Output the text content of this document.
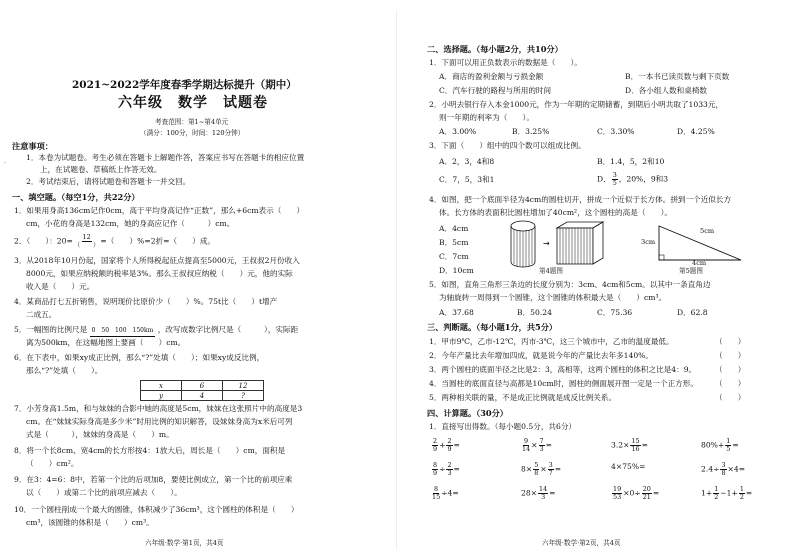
·
2021~2022学年度春季学期达标提升（期中）
六年级　数学　试题卷
考查范围：第1~第4单元
（满分：100分，时间：120分钟）
注意事项：
1．本卷为试题卷。考生必须在答题卡上解题作答，答案应书写在答题卡的相应位置
上，在试题卷、草稿纸上作答无效。
2．考试结束后，请将试题卷和答题卡一并交回。
一、填空题。（每空1分，共22分）
1．如果用身高136cm记作0cm，高于平均身高记作“正数”，那么+6cm表示（　　）
cm，小花的身高是132cm，她的身高应记作（　　　）cm。
2．（　　）：$20= \frac{12}{( )}$ =（　　）%=2折=（　　）成。
3．从2018年10月份起，国家将个人所得税起征点提高至5000元，王叔叔2月份收入
8000元，如果应纳税额的税率是3%。那么王叔叔应纳税（　　）元，他的实际
收入是（　　）元。
4．某商品打七五折销售，说明现价比原价少（　　）%。75t比（　　）t增产
二成五。
5．一幅图的比例尺是 0　50　100　150km ，改写成数字比例尺是（　　　），实际距
离为500km，在这幅地图上要画（　　）cm。
6．在下表中，如果xy成正比例，那么“?”处填（　　）；如果xy成反比例，
那么“?”处填（　　）。
x	6	12
y	4	?
7．小芳身高1.5m，和与妹妹的合影中她的高度是5cm，妹妹在这张照片中的高度是3
cm。在“妹妹实际身高是多少米”时用比例的知识解答，设妹妹身高为x米后可列
式是（　　　），妹妹的身高是（　　）m。
8．将一个长8cm、宽4cm的长方形按4：1放大后，周长是（　　）cm，面积是
（　　）cm²。
9．在3：4=6：8中，若第一个比的后项加8，要使比例成立，第一个比的前项应乘
以（　　）或第二个比的前项应减去（　　）。
10．一个圆柱削成一个最大的圆锥，体积减少了36cm³，这个圆柱的体积是（　　）
cm³，该圆锥的体积是（　　）cm³。
六年级·数学·第1页，共4页
二、选择题。（每小题2分，共10分）
1．下面可以用正负数表示的数据是（　　）。
A．商店的盈利金额与亏损金额	B．一本书已读页数与剩下页数
C．汽车行驶的路程与所用的时间	D．各小组人数和桌椅数
2．小明去银行存入本金1000元，作为一年期的定期储蓄，到期后小明共取了1033元，
则一年期的利率为（　　）。
A．3.00%	B．3.25%	C．3.30%	D．4.25%
3．下面（　　）组中的四个数可以组成比例。
A．2，3，4和8	B．1.4，5，2和10
C．7，5，3和1	D． $\frac{3}{5}$ ，20%，9和3
4．如图，把一个底面半径为4cm的圆柱切开，拼成一个近似于长方体。拼到一个近似长方
体。长方体的表面积比圆柱增加了40cm²，这个圆柱的高是（　　）。
A．4cm
B．5cm
C．7cm
D．10cm
→
第4题图
5cm
3cm
4cm
第5题图
5．如图，直角三角形三条边的长度分别为：3cm、4cm和5cm。以其中一条直角边
为轴旋转一周得到一个圆锥，这个圆锥的体积最大是（　　）cm³。
A．37.68	B．50.24	C．75.36	D．62.8
三、判断题。（每小题1分，共5分）
1．甲市9℃，乙市-12℃，丙市-3℃，这三个城市中，乙市的温度最低。
2．今年产量比去年增加四成，就是说今年的产量比去年多140%。
3．两个圆柱的底面半径之比是2：3，高相等，这两个圆柱的体积之比是4：9。
4．当圆柱的底面直径与高都是10cm时，圆柱的侧面展开图一定是一个正方形。
5．两种相关联的量，不是成正比例就是成反比例关系。
（　　）
（　　）
（　　）
（　　）
（　　）
四、计算题。（30分）
1．直接写出得数。（每小题0.5分，共6分）
$\frac{2}{9} + \frac{2}{9}$ =	$\frac{9}{14} \times \frac{7}{3}$ =	$3.2\times \frac{15}{16}$ =	$80\%+ \frac{1}{5}$ =
$\frac{8}{9} \div \frac{2}{3}$ =	$8\times \frac{5}{8} \times \frac{3}{7}$ =	4×75%=	$2.4\div \frac{3}{8} \times 4=$
$\frac{8}{15} \div 4=$	$28\times \frac{14}{3}$ =	$\frac{19}{53} \times 0\div \frac{20}{21}$ =	$1+ \frac{1}{2} -1+ \frac{1}{2}$ =
六年级·数学·第2页，共4页
